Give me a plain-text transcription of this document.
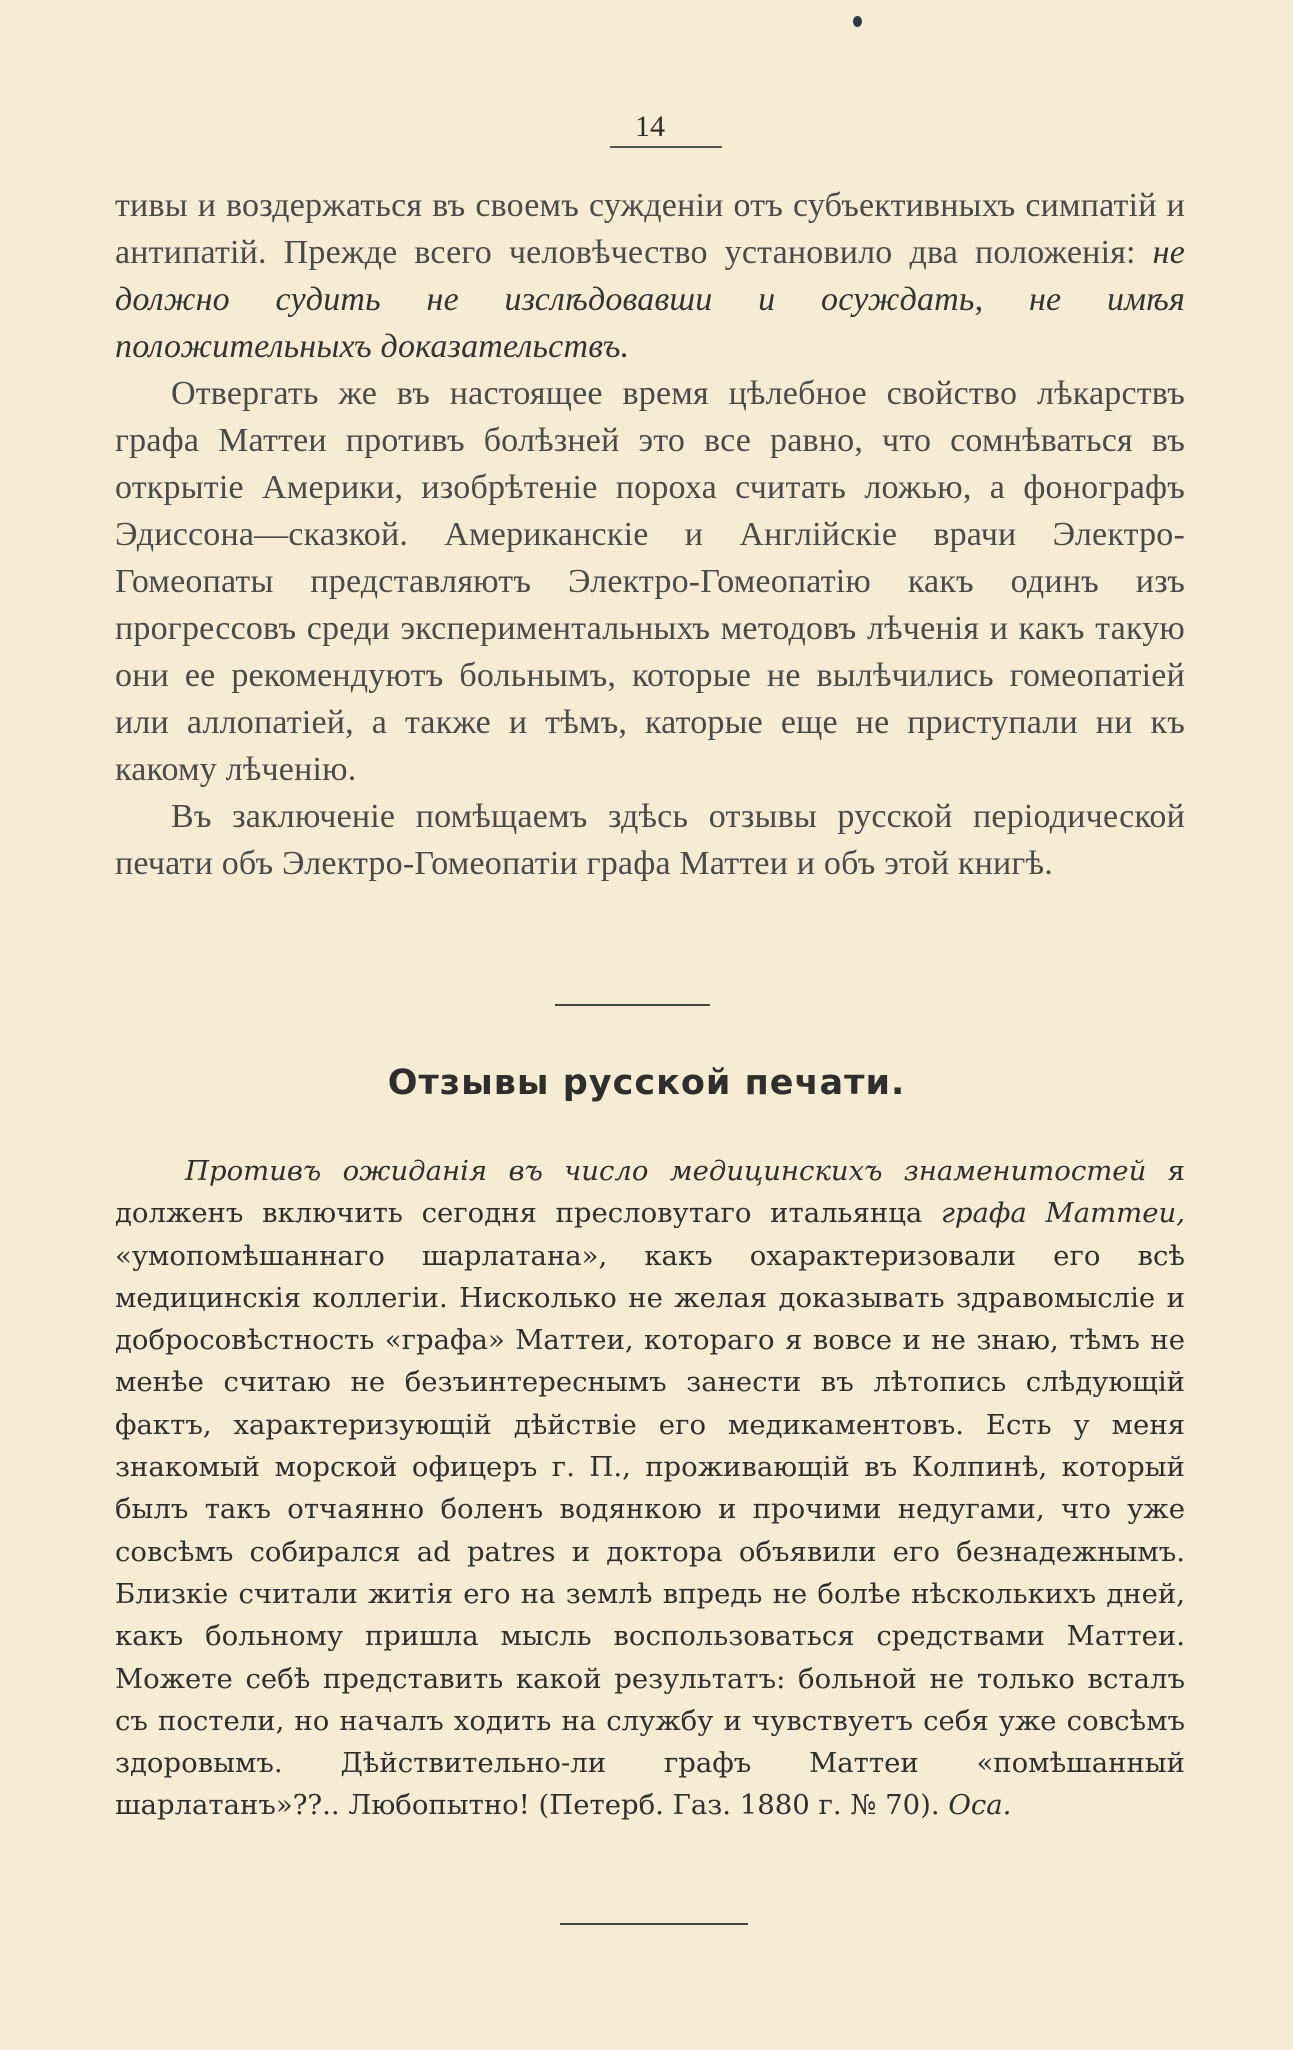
14

тивы и воздержаться въ своемъ сужденіи отъ субъективныхъ симпатій и антипатій. Прежде всего человѣчество установило два положенія: не должно судить не изслѣдовавши и осуждать, не имѣя положительныхъ доказательствъ.

Отвергать же въ настоящее время цѣлебное свойство лѣкарствъ графа Маттеи противъ болѣзней это все равно, что сомнѣваться въ открытіе Америки, изобрѣтеніе пороха считать ложью, а фонографъ Эдиссона—сказкой. Американскіе и Англійскіе врачи Электро-Гомеопаты представляютъ Электро-Гомеопатію какъ одинъ изъ прогрессовъ среди экспериментальныхъ методовъ лѣченія и какъ такую они ее рекомендуютъ больнымъ, которые не вылѣчились гомеопатіей или аллопатіей, а также и тѣмъ, каторые еще не приступали ни къ какому лѣченію.

Въ заключеніе помѣщаемъ здѣсь отзывы русской періодической печати объ Электро-Гомеопатіи графа Маттеи и объ этой книгѣ.

Отзывы русской печати.

Противъ ожиданія въ число медицинскихъ знаменитостей я долженъ включить сегодня пресловутаго итальянца графа Маттеи, «умопомѣшаннаго шарлатана», какъ охарактеризовали его всѣ медицинскія коллегіи. Нисколько не желая доказывать здравомысліе и добросовѣстность «графа» Маттеи, котораго я вовсе и не знаю, тѣмъ не менѣе считаю не безъинтереснымъ занести въ лѣтопись слѣдующій фактъ, характеризующій дѣйствіе его медикаментовъ. Есть у меня знакомый морской офицеръ г. П., проживающій въ Колпинѣ, который былъ такъ отчаянно боленъ водянкою и прочими недугами, что уже совсѣмъ собирался ad patres и доктора объявили его безнадежнымъ. Близкіе считали житія его на землѣ впредь не болѣе нѣсколькихъ дней, какъ больному пришла мысль воспользоваться средствами Маттеи. Можете себѣ представить какой результатъ: больной не только всталъ съ постели, но началъ ходить на службу и чувствуетъ себя уже совсѣмъ здоровымъ. Дѣйствительно-ли графъ Маттеи «помѣшанный шарлатанъ»??.. Любопытно! (Петерб. Газ. 1880 г. № 70). Оса.
